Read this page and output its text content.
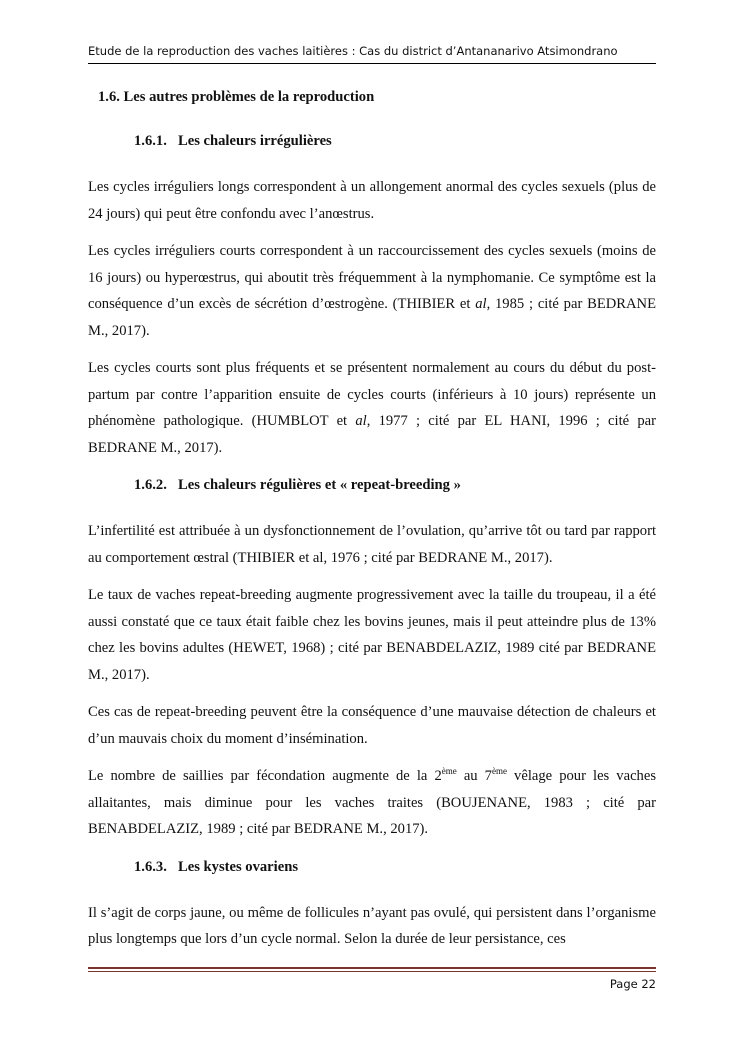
Etude de la reproduction des vaches laitières : Cas du district d’Antananarivo Atsimondrano
1.6. Les autres problèmes de la reproduction
1.6.1. Les chaleurs irrégulières

Les cycles irréguliers longs correspondent à un allongement anormal des cycles sexuels (plus de 24 jours) qui peut être confondu avec l’anœstrus.

Les cycles irréguliers courts correspondent à un raccourcissement des cycles sexuels (moins de 16 jours) ou hyperœstrus, qui aboutit très fréquemment à la nymphomanie. Ce symptôme est la conséquence d’un excès de sécrétion d’œstrogène. (THIBIER et al, 1985 ; cité par BEDRANE M., 2017).

Les cycles courts sont plus fréquents et se présentent normalement au cours du début du post-partum par contre l’apparition ensuite de cycles courts (inférieurs à 10 jours) représente un phénomène pathologique. (HUMBLOT et al, 1977 ; cité par EL HANI, 1996 ; cité par BEDRANE M., 2017).

1.6.2. Les chaleurs régulières et « repeat-breeding »

L’infertilité est attribuée à un dysfonctionnement de l’ovulation, qu’arrive tôt ou tard par rapport au comportement œstral (THIBIER et al, 1976 ; cité par BEDRANE M., 2017).

Le taux de vaches repeat-breeding augmente progressivement avec la taille du troupeau, il a été aussi constaté que ce taux était faible chez les bovins jeunes, mais il peut atteindre plus de 13% chez les bovins adultes (HEWET, 1968) ; cité par BENABDELAZIZ, 1989 cité par BEDRANE M., 2017).

Ces cas de repeat-breeding peuvent être la conséquence d’une mauvaise détection de chaleurs et d’un mauvais choix du moment d’insémination.

Le nombre de saillies par fécondation augmente de la 2ème au 7ème vêlage pour les vaches allaitantes, mais diminue pour les vaches traites (BOUJENANE, 1983 ; cité par BENABDELAZIZ, 1989 ; cité par BEDRANE M., 2017).

1.6.3. Les kystes ovariens

Il s’agit de corps jaune, ou même de follicules n’ayant pas ovulé, qui persistent dans l’organisme plus longtemps que lors d’un cycle normal. Selon la durée de leur persistance, ces

Page 22
